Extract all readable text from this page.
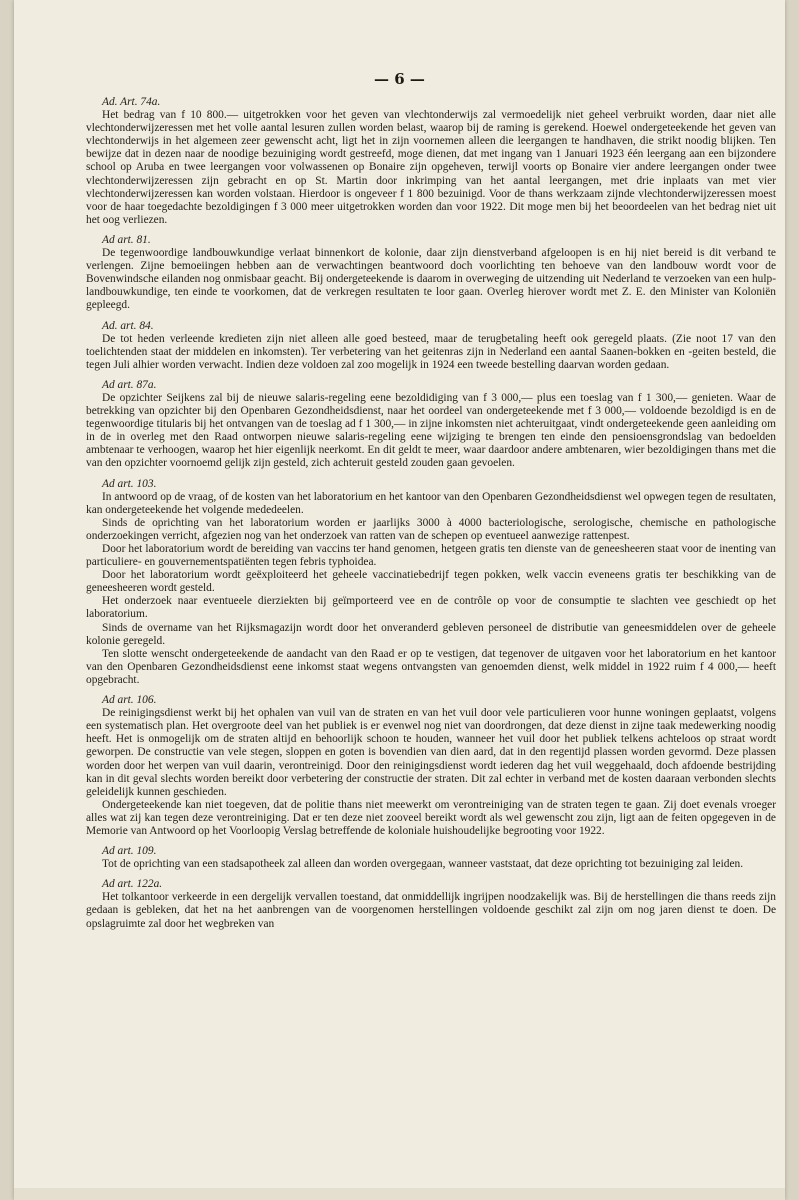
— 6 —

Ad. Art. 74a.

Het bedrag van f 10 800.— uitgetrokken voor het geven van vlechtonderwijs zal vermoedelijk niet geheel verbruikt worden, daar niet alle vlechtonderwijzeressen met het volle aantal lesuren zullen worden belast, waarop bij de raming is gerekend. Hoewel ondergeteekende het geven van vlechtonderwijs in het algemeen zeer gewenscht acht, ligt het in zijn voornemen alleen die leergangen te handhaven, die strikt noodig blijken. Ten bewijze dat in dezen naar de noodige bezuiniging wordt gestreefd, moge dienen, dat met ingang van 1 Januari 1923 één leergang aan een bijzondere school op Aruba en twee leergangen voor volwassenen op Bonaire zijn opgeheven, terwijl voorts op Bonaire vier andere leergangen onder twee vlechtonderwijzeressen zijn gebracht en op St. Martin door inkrimping van het aantal leergangen, met drie inplaats van met vier vlechtonderwijzeressen kan worden volstaan. Hierdoor is ongeveer f 1 800 bezuinigd. Voor de thans werkzaam zijnde vlechtonderwijzeressen moest voor de haar toegedachte bezoldigingen f 3 000 meer uitgetrokken worden dan voor 1922. Dit moge men bij het beoordeelen van het bedrag niet uit het oog verliezen.

Ad art. 81.

De tegenwoordige landbouwkundige verlaat binnenkort de kolonie, daar zijn dienstverband afgeloopen is en hij niet bereid is dit verband te verlengen. Zijne bemoeiingen hebben aan de verwachtingen beantwoord doch voorlichting ten behoeve van den landbouw wordt voor de Bovenwindsche eilanden nog onmisbaar geacht. Bij ondergeteekende is daarom in overweging de uitzending uit Nederland te verzoeken van een hulp-landbouwkundige, ten einde te voorkomen, dat de verkregen resultaten te loor gaan. Overleg hierover wordt met Z. E. den Minister van Koloniën gepleegd.

Ad. art. 84.

De tot heden verleende kredieten zijn niet alleen alle goed besteed, maar de terugbetaling heeft ook geregeld plaats. (Zie noot 17 van den toelichtenden staat der middelen en inkomsten). Ter verbetering van het geitenras zijn in Nederland een aantal Saanen-bokken en -geiten besteld, die tegen Juli alhier worden verwacht. Indien deze voldoen zal zoo mogelijk in 1924 een tweede bestelling daarvan worden gedaan.

Ad art. 87a.

De opzichter Seijkens zal bij de nieuwe salaris-regeling eene bezoldidiging van f 3 000,— plus een toeslag van f 1 300,— genieten. Waar de betrekking van opzichter bij den Openbaren Gezondheidsdienst, naar het oordeel van ondergeteekende met f 3 000,— voldoende bezoldigd is en de tegenwoordige titularis bij het ontvangen van de toeslag ad f 1 300,— in zijne inkomsten niet achteruitgaat, vindt ondergeteekende geen aanleiding om in de in overleg met den Raad ontworpen nieuwe salaris-regeling eene wijziging te brengen ten einde den pensioensgrondslag van bedoelden ambtenaar te verhoogen, waarop het hier eigenlijk neerkomt. En dit geldt te meer, waar daardoor andere ambtenaren, wier bezoldigingen thans met die van den opzichter voornoemd gelijk zijn gesteld, zich achteruit gesteld zouden gaan gevoelen.

Ad art. 103.

In antwoord op de vraag, of de kosten van het laboratorium en het kantoor van den Openbaren Gezondheidsdienst wel opwegen tegen de resultaten, kan ondergeteekende het volgende mededeelen.

Sinds de oprichting van het laboratorium worden er jaarlijks 3000 à 4000 bacteriologische, serologische, chemische en pathologische onderzoekingen verricht, afgezien nog van het onderzoek van ratten van de schepen op eventueel aanwezige rattenpest.

Door het laboratorium wordt de bereiding van vaccins ter hand genomen, hetgeen gratis ten dienste van de geneesheeren staat voor de inenting van particuliere- en gouvernementspatiënten tegen febris typhoidea.

Door het laboratorium wordt geëxploiteerd het geheele vaccinatiebedrijf tegen pokken, welk vaccin eveneens gratis ter beschikking van de geneesheeren wordt gesteld.

Het onderzoek naar eventueele dierziekten bij geïmporteerd vee en de contrôle op voor de consumptie te slachten vee geschiedt op het laboratorium.

Sinds de overname van het Rijksmagazijn wordt door het onveranderd gebleven personeel de distributie van geneesmiddelen over de geheele kolonie geregeld.

Ten slotte wenscht ondergeteekende de aandacht van den Raad er op te vestigen, dat tegenover de uitgaven voor het laboratorium en het kantoor van den Openbaren Gezondheidsdienst eene inkomst staat wegens ontvangsten van genoemden dienst, welk middel in 1922 ruim f 4 000,— heeft opgebracht.

Ad art. 106.

De reinigingsdienst werkt bij het ophalen van vuil van de straten en van het vuil door vele particulieren voor hunne woningen geplaatst, volgens een systematisch plan. Het overgroote deel van het publiek is er evenwel nog niet van doordrongen, dat deze dienst in zijne taak medewerking noodig heeft. Het is onmogelijk om de straten altijd en behoorlijk schoon te houden, wanneer het vuil door het publiek telkens achteloos op straat wordt geworpen. De constructie van vele stegen, sloppen en goten is bovendien van dien aard, dat in den regentijd plassen worden gevormd. Deze plassen worden door het werpen van vuil daarin, verontreinigd. Door den reinigingsdienst wordt iederen dag het vuil weggehaald, doch afdoende bestrijding kan in dit geval slechts worden bereikt door verbetering der constructie der straten. Dit zal echter in verband met de kosten daaraan verbonden slechts geleidelijk kunnen geschieden.

Ondergeteekende kan niet toegeven, dat de politie thans niet meewerkt om verontreiniging van de straten tegen te gaan. Zij doet evenals vroeger alles wat zij kan tegen deze verontreiniging. Dat er ten deze niet zooveel bereikt wordt als wel gewenscht zou zijn, ligt aan de feiten opgegeven in de Memorie van Antwoord op het Voorloopig Verslag betreffende de koloniale huishoudelijke begrooting voor 1922.

Ad art. 109.

Tot de oprichting van een stadsapotheek zal alleen dan worden overgegaan, wanneer vaststaat, dat deze oprichting tot bezuiniging zal leiden.

Ad art. 122a.

Het tolkantoor verkeerde in een dergelijk vervallen toestand, dat onmiddellijk ingrijpen noodzakelijk was. Bij de herstellingen die thans reeds zijn gedaan is gebleken, dat het na het aanbrengen van de voorgenomen herstellingen voldoende geschikt zal zijn om nog jaren dienst te doen. De opslagruimte zal door het wegbreken van
